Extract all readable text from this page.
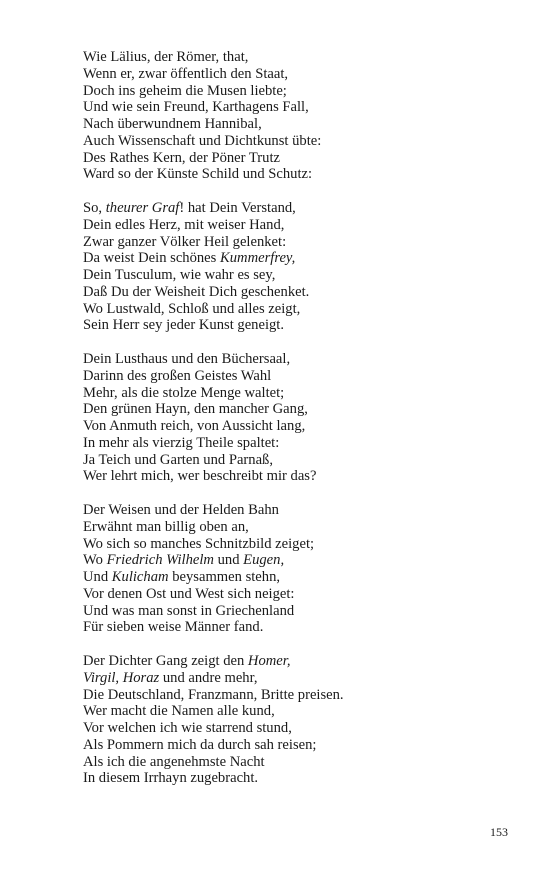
Wie Lälius, der Römer, that,
Wenn er, zwar öffentlich den Staat,
Doch ins geheim die Musen liebte;
Und wie sein Freund, Karthagens Fall,
Nach überwundnem Hannibal,
Auch Wissenschaft und Dichtkunst übte:
Des Rathes Kern, der Pöner Trutz
Ward so der Künste Schild und Schutz:
So, theurer Graf! hat Dein Verstand,
Dein edles Herz, mit weiser Hand,
Zwar ganzer Völker Heil gelenket:
Da weist Dein schönes Kummerfrey,
Dein Tusculum, wie wahr es sey,
Daß Du der Weisheit Dich geschenket.
Wo Lustwald, Schloß und alles zeigt,
Sein Herr sey jeder Kunst geneigt.
Dein Lusthaus und den Büchersaal,
Darinn des großen Geistes Wahl
Mehr, als die stolze Menge waltet;
Den grünen Hayn, den mancher Gang,
Von Anmuth reich, von Aussicht lang,
In mehr als vierzig Theile spaltet:
Ja Teich und Garten und Parnaß,
Wer lehrt mich, wer beschreibt mir das?
Der Weisen und der Helden Bahn
Erwähnt man billig oben an,
Wo sich so manches Schnitzbild zeiget;
Wo Friedrich Wilhelm und Eugen,
Und Kulicham beysammen stehn,
Vor denen Ost und West sich neiget:
Und was man sonst in Griechenland
Für sieben weise Männer fand.
Der Dichter Gang zeigt den Homer,
Virgil, Horaz und andre mehr,
Die Deutschland, Franzmann, Britte preisen.
Wer macht die Namen alle kund,
Vor welchen ich wie starrend stund,
Als Pommern mich da durch sah reisen;
Als ich die angenehmste Nacht
In diesem Irrhayn zugebracht.
153
